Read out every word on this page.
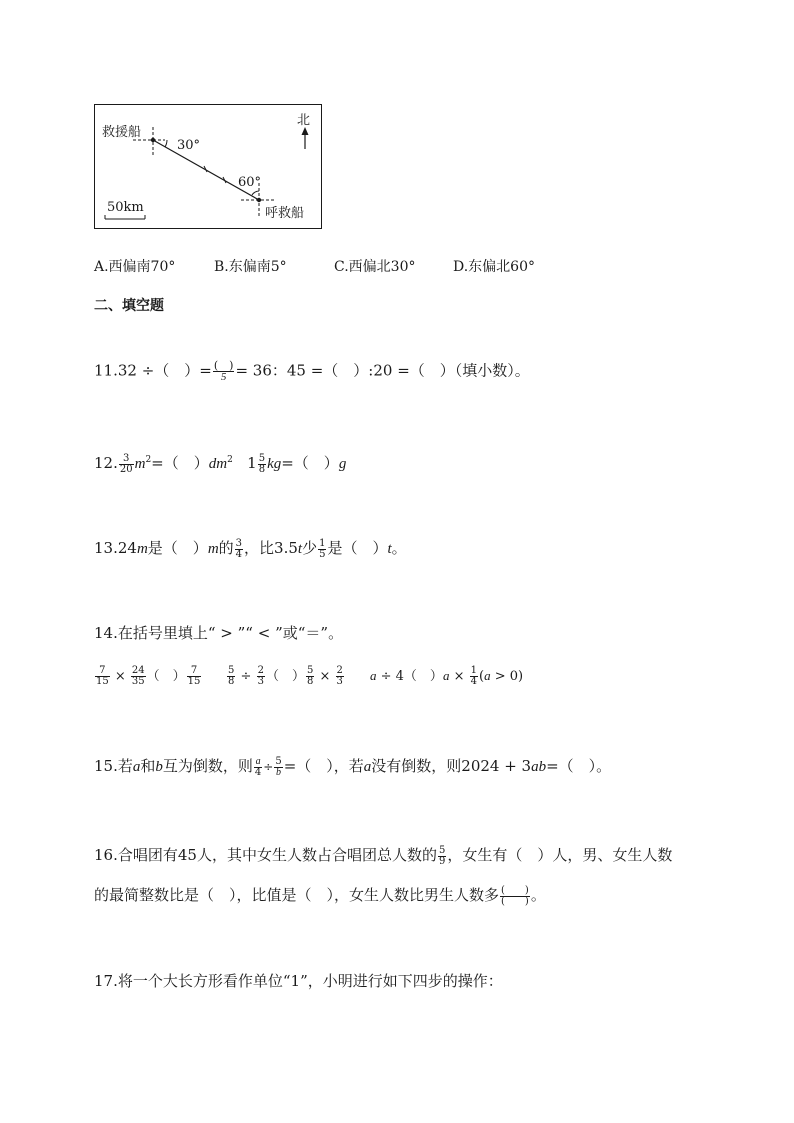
救援船
30°
60°
北
呼救船
50km
A.西偏南70°	B.东偏南5°	C.西偏北30°	D.东偏北60°
二、填空题
11.32 ÷（　）= $\frac{( )}{5} = 36$：45 =（　）:20 =（　）（填小数）。
12. $\frac{3}{20} m^2=$（　）$dm^2$ $1 \frac{5}{8} kg=$（　）g
13.24m是（　）m的 $\frac{3}{4}$ ，比3.5t少 $\frac{1}{5}$ 是（　）t。
14.在括号里填上“ > ”“ < ”或“＝”。
$\frac{7}{15} \times \frac{24}{35}$ （　） $\frac{7}{15}$	$\frac{5}{8} \div \frac{2}{3}$ （　） $\frac{5}{8} \times \frac{2}{3}$ a ÷ 4（　）$a \times \frac{1}{4} (a > 0)$
15.若a和b互为倒数，则 $\frac{a}{4} \div \frac{5}{b}$ =（　），若a没有倒数，则2024 + 3ab=（　）。
16.合唱团有45人，其中女生人数占合唱团总人数的 $\frac{5}{9}$ ，女生有（　）人，男、女生人数
的最简整数比是（　），比值是（　），女生人数比男生人数多 $\frac{( )}{( )}$ 。
17.将一个大长方形看作单位“1”，小明进行如下四步的操作：
